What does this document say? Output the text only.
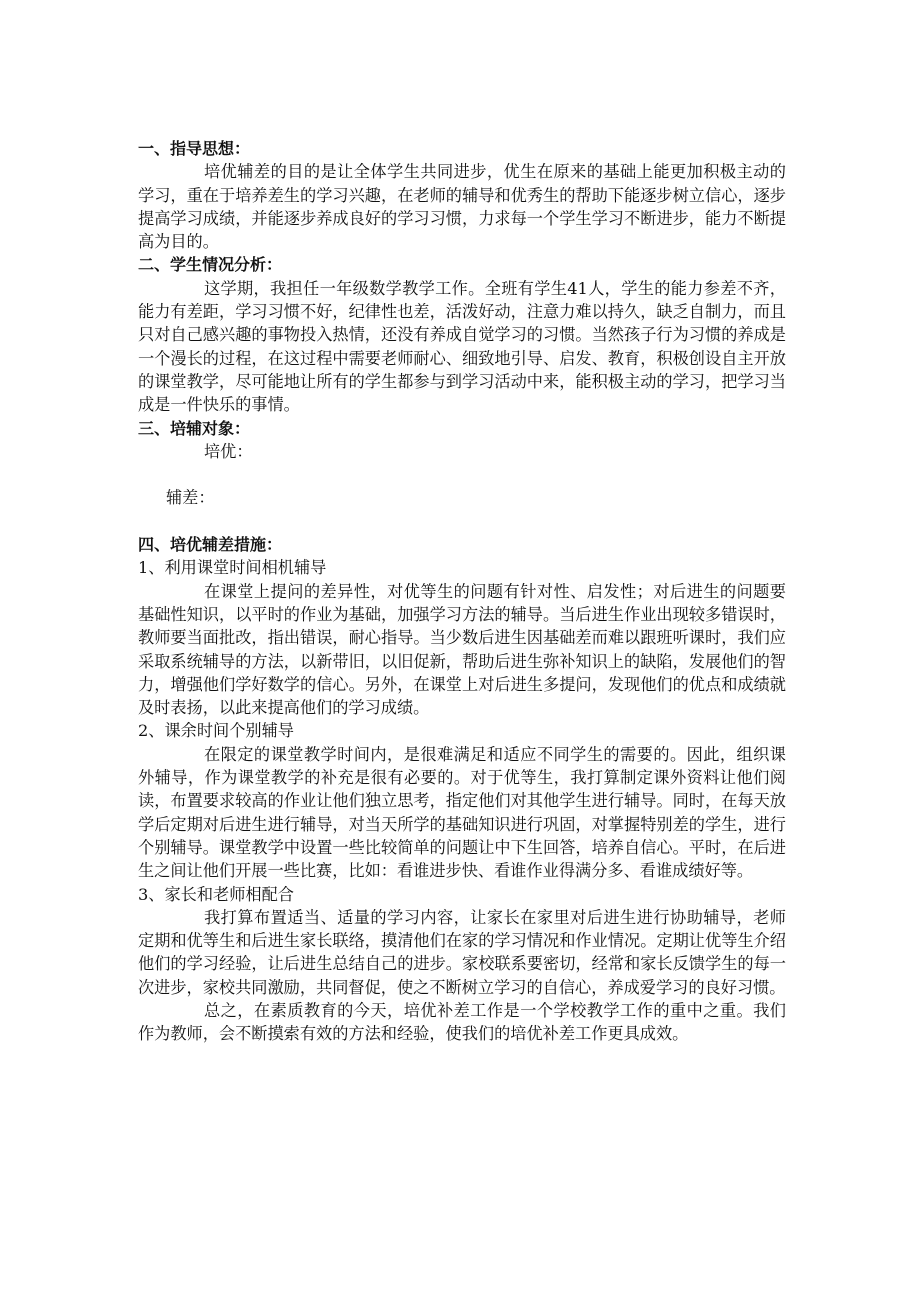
一、指导思想：

培优辅差的目的是让全体学生共同进步，优生在原来的基础上能更加积极主动的学习，重在于培养差生的学习兴趣，在老师的辅导和优秀生的帮助下能逐步树立信心，逐步提高学习成绩，并能逐步养成良好的学习习惯，力求每一个学生学习不断进步，能力不断提高为目的。

二、学生情况分析：

这学期，我担任一年级数学教学工作。全班有学生41人，学生的能力参差不齐，能力有差距，学习习惯不好，纪律性也差，活泼好动，注意力难以持久，缺乏自制力，而且只对自己感兴趣的事物投入热情，还没有养成自觉学习的习惯。当然孩子行为习惯的养成是一个漫长的过程，在这过程中需要老师耐心、细致地引导、启发、教育，积极创设自主开放的课堂教学，尽可能地让所有的学生都参与到学习活动中来，能积极主动的学习，把学习当成是一件快乐的事情。

三、培辅对象：

培优：

辅差：

四、培优辅差措施：

1、利用课堂时间相机辅导

在课堂上提问的差异性，对优等生的问题有针对性、启发性；对后进生的问题要基础性知识，以平时的作业为基础，加强学习方法的辅导。当后进生作业出现较多错误时，教师要当面批改，指出错误，耐心指导。当少数后进生因基础差而难以跟班听课时，我们应采取系统辅导的方法，以新带旧，以旧促新，帮助后进生弥补知识上的缺陷，发展他们的智力，增强他们学好数学的信心。另外，在课堂上对后进生多提问，发现他们的优点和成绩就及时表扬，以此来提高他们的学习成绩。

2、课余时间个别辅导

在限定的课堂教学时间内，是很难满足和适应不同学生的需要的。因此，组织课外辅导，作为课堂教学的补充是很有必要的。对于优等生，我打算制定课外资料让他们阅读，布置要求较高的作业让他们独立思考，指定他们对其他学生进行辅导。同时，在每天放学后定期对后进生进行辅导，对当天所学的基础知识进行巩固，对掌握特别差的学生，进行个别辅导。课堂教学中设置一些比较简单的问题让中下生回答，培养自信心。平时，在后进生之间让他们开展一些比赛，比如：看谁进步快、看谁作业得满分多、看谁成绩好等。

3、家长和老师相配合

我打算布置适当、适量的学习内容，让家长在家里对后进生进行协助辅导，老师定期和优等生和后进生家长联络，摸清他们在家的学习情况和作业情况。定期让优等生介绍他们的学习经验，让后进生总结自己的进步。家校联系要密切，经常和家长反馈学生的每一次进步，家校共同激励，共同督促，使之不断树立学习的自信心，养成爱学习的良好习惯。

总之，在素质教育的今天，培优补差工作是一个学校教学工作的重中之重。我们作为教师，会不断摸索有效的方法和经验，使我们的培优补差工作更具成效。
